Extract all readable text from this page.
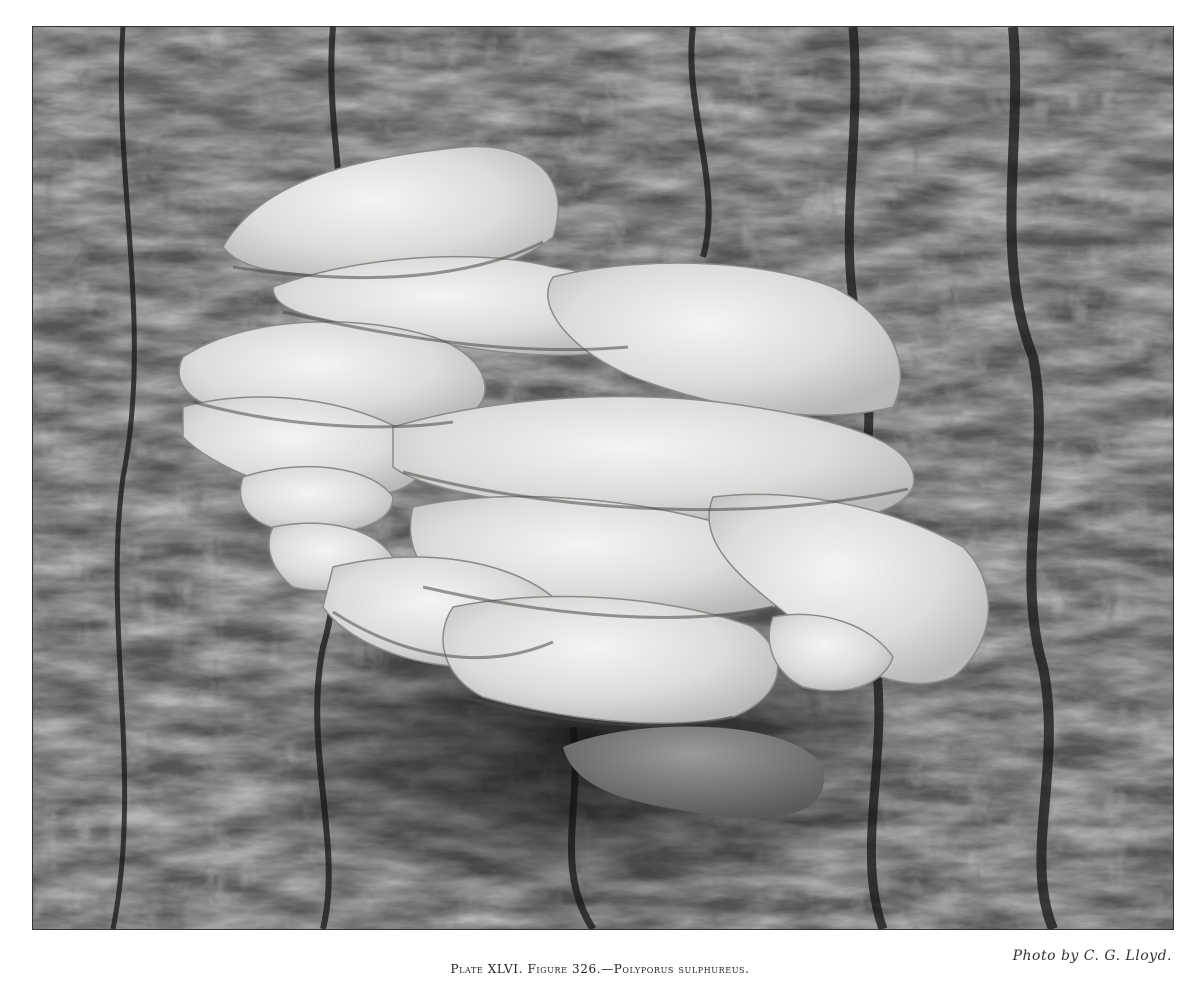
Photo by C. G. Lloyd.
Plate XLVI. Figure 326.—Polyporus sulphureus.
